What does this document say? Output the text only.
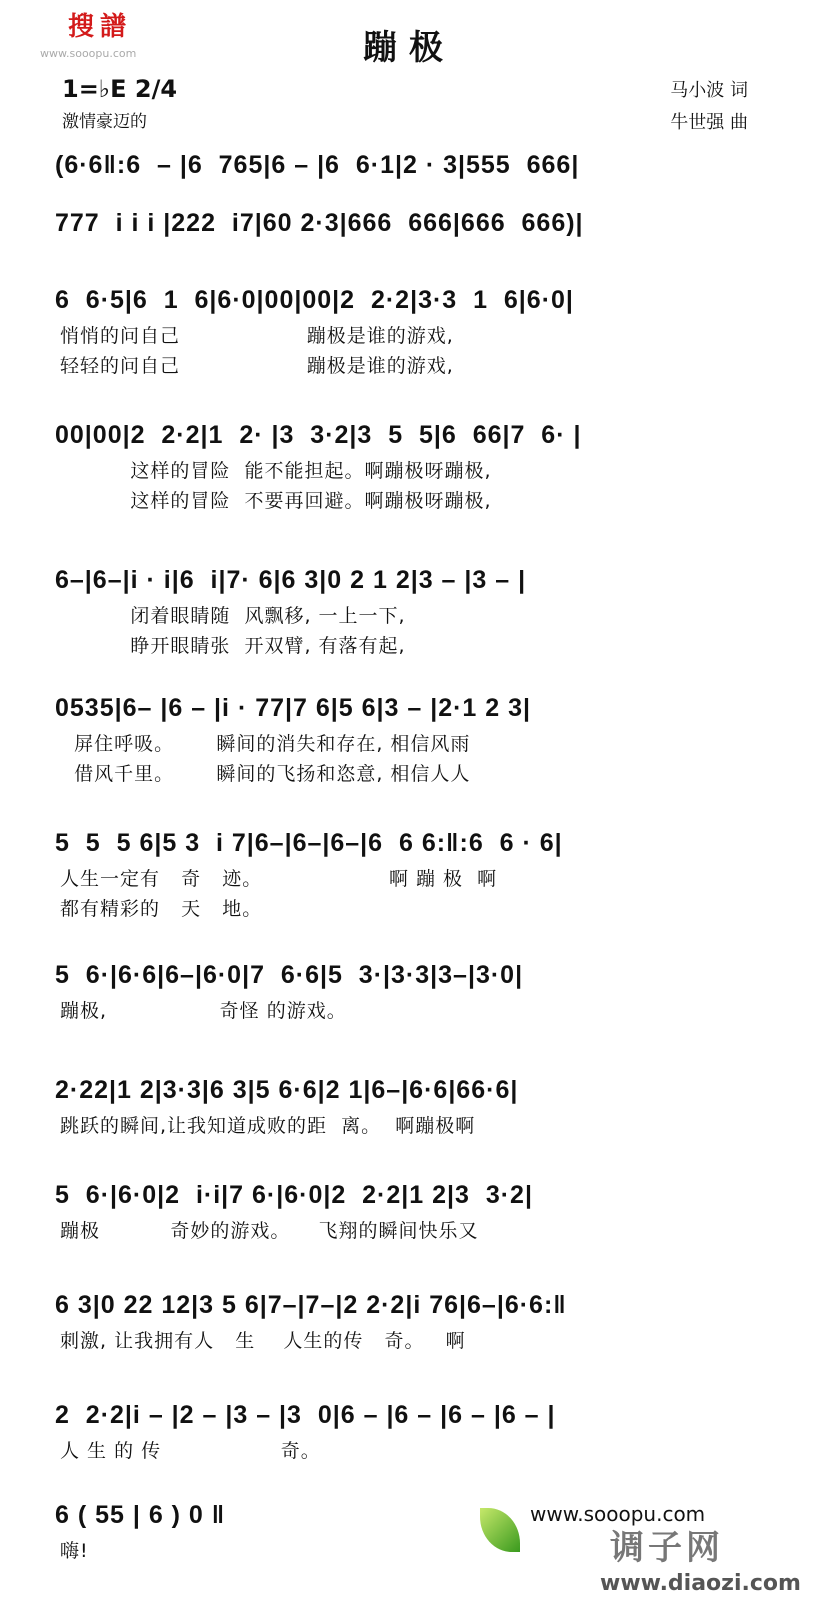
搜譜
www.sooopu.com	蹦极
1=♭E 2/4
激情豪迈的
马小波 词
牛世强 曲
(6·6‖:6  – |6  765|6 – |6  6·1|2 · 3|555  666|
777  i i i |222  i7|60 2·3|666  666|666  666)|
6  6·5|6  1  6|6·0|00|00|2  2·2|3·3  1  6|6·0|
悄悄的问自己                  蹦极是谁的游戏,
轻轻的问自己                  蹦极是谁的游戏,
00|00|2  2·2|1  2· |3  3·2|3  5  5|6  66|7  6· |
这样的冒险  能不能担起。啊蹦极呀蹦极,
这样的冒险  不要再回避。啊蹦极呀蹦极,
6–|6–|i · i|6  i|7· 6|6 3|0 2 1 2|3 – |3 – |
闭着眼睛随  风飘移, 一上一下,
睁开眼睛张  开双臂, 有落有起,
0535|6– |6 – |i · 77|7 6|5 6|3 – |2·1 2 3|
屏住呼吸。      瞬间的消失和存在, 相信风雨
借风千里。      瞬间的飞扬和恣意, 相信人人
5  5  5 6|5 3  i 7|6–|6–|6–|6  6 6:‖:6  6 · 6|
人生一定有   奇   迹。                  啊 蹦 极  啊
都有精彩的   天   地。
5  6·|6·6|6–|6·0|7  6·6|5  3·|3·3|3–|3·0|
蹦极,                奇怪 的游戏。
2·22|1 2|3·3|6 3|5 6·6|2 1|6–|6·6|66·6|
跳跃的瞬间,让我知道成败的距  离。  啊蹦极啊
5  6·|6·0|2  i·i|7 6·|6·0|2  2·2|1 2|3  3·2|
蹦极          奇妙的游戏。    飞翔的瞬间快乐又
6 3|0 22 12|3 5 6|7–|7–|2 2·2|i 76|6–|6·6:‖
刺激, 让我拥有人   生    人生的传   奇。   啊
2  2·2|i – |2 – |3 – |3  0|6 – |6 – |6 – |6 – |
人 生 的 传                 奇。
6 ( 55 | 6 ) 0 ‖
嗨!
www.sooopu.com
调子网
www.diaozi.com
